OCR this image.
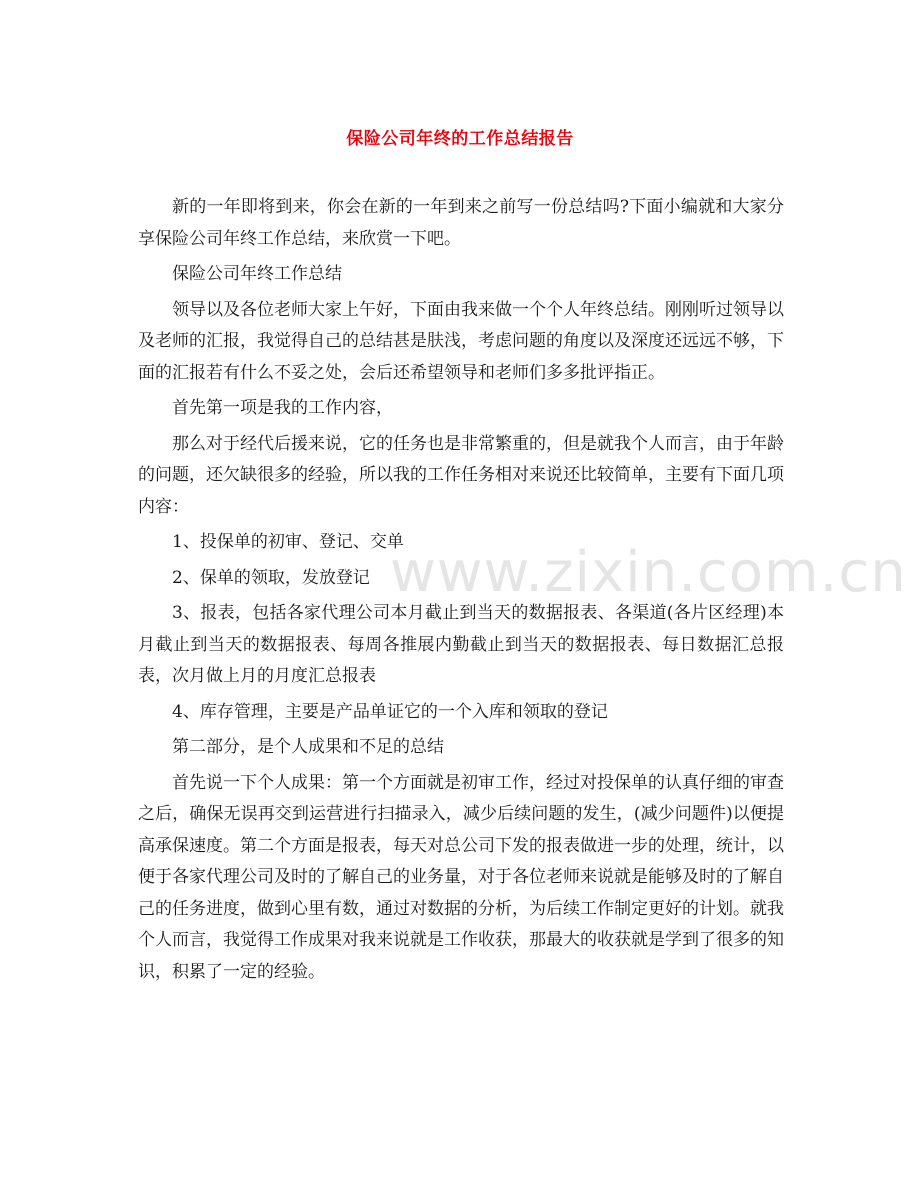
保险公司年终的工作总结报告

新的一年即将到来，你会在新的一年到来之前写一份总结吗?下面小编就和大家分享保险公司年终工作总结，来欣赏一下吧。

保险公司年终工作总结

领导以及各位老师大家上午好，下面由我来做一个个人年终总结。刚刚听过领导以及老师的汇报，我觉得自己的总结甚是肤浅，考虑问题的角度以及深度还远远不够，下面的汇报若有什么不妥之处，会后还希望领导和老师们多多批评指正。

首先第一项是我的工作内容，

那么对于经代后援来说，它的任务也是非常繁重的，但是就我个人而言，由于年龄的问题，还欠缺很多的经验，所以我的工作任务相对来说还比较简单，主要有下面几项内容：

1、投保单的初审、登记、交单

2、保单的领取，发放登记

3、报表，包括各家代理公司本月截止到当天的数据报表、各渠道(各片区经理)本月截止到当天的数据报表、每周各推展内勤截止到当天的数据报表、每日数据汇总报表，次月做上月的月度汇总报表

4、库存管理，主要是产品单证它的一个入库和领取的登记

第二部分，是个人成果和不足的总结

首先说一下个人成果：第一个方面就是初审工作，经过对投保单的认真仔细的审查之后，确保无误再交到运营进行扫描录入，减少后续问题的发生，(减少问题件)以便提高承保速度。第二个方面是报表，每天对总公司下发的报表做进一步的处理，统计，以便于各家代理公司及时的了解自己的业务量，对于各位老师来说就是能够及时的了解自己的任务进度，做到心里有数，通过对数据的分析，为后续工作制定更好的计划。就我个人而言，我觉得工作成果对我来说就是工作收获，那最大的收获就是学到了很多的知识，积累了一定的经验。

www.zixin.com.cn
